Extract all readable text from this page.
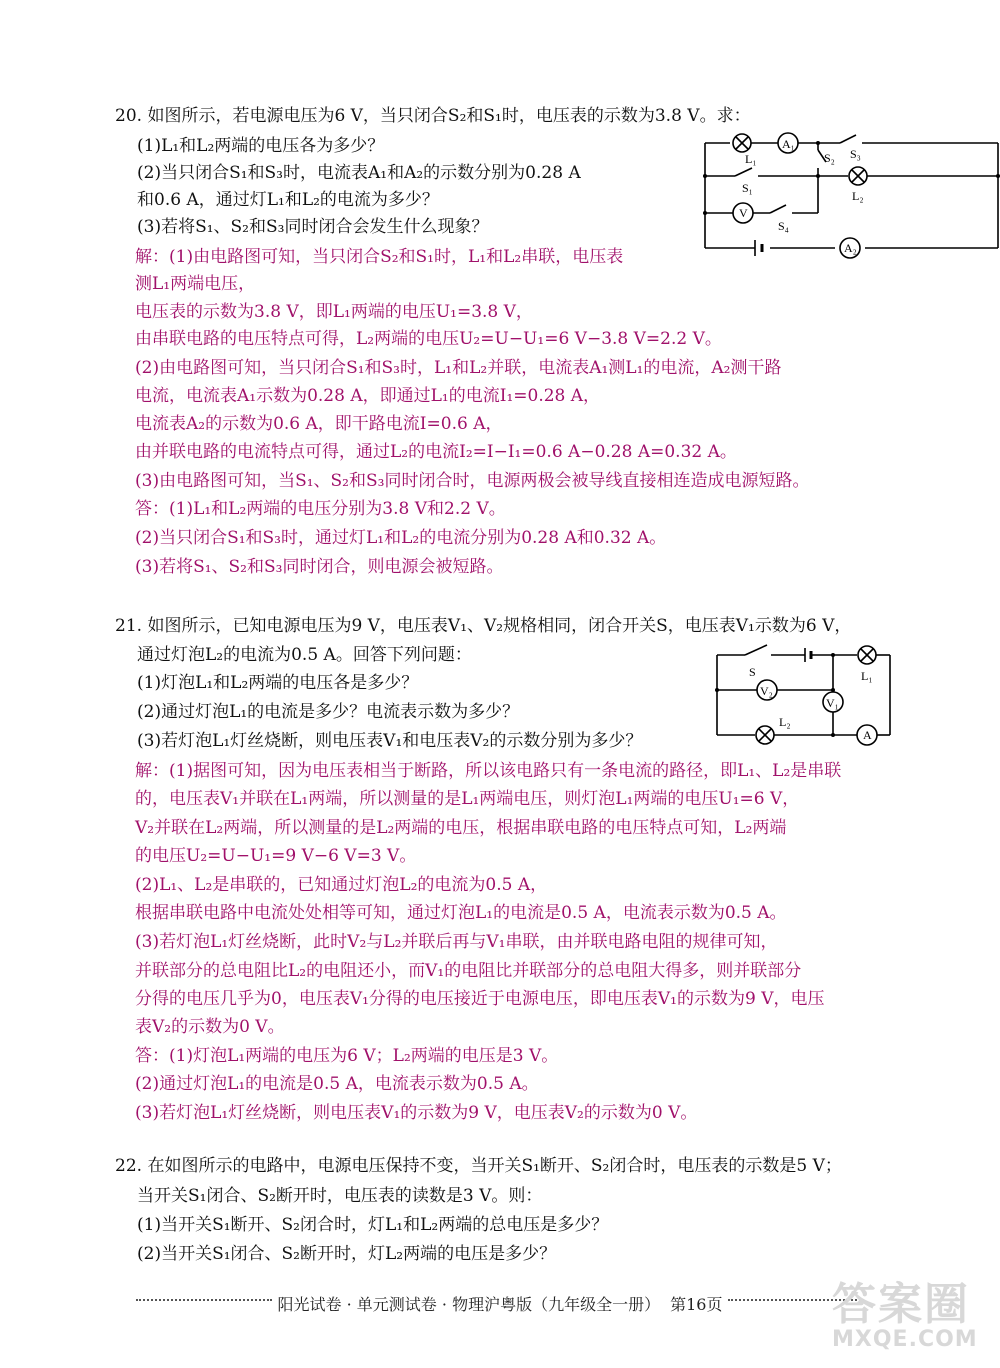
20. 如图所示，若电源电压为6 V，当只闭合S₂和S₁时，电压表的示数为3.8 V。求：
(1)L₁和L₂两端的电压各为多少？
(2)当只闭合S₁和S₃时，电流表A₁和A₂的示数分别为0.28 A
和0.6 A，通过灯L₁和L₂的电流为多少？
(3)若将S₁、S₂和S₃同时闭合会发生什么现象？
解：(1)由电路图可知，当只闭合S₂和S₁时，L₁和L₂串联，电压表
测L₁两端电压，
电压表的示数为3.8 V，即L₁两端的电压U₁=3.8 V，
由串联电路的电压特点可得，L₂两端的电压U₂=U−U₁=6 V−3.8 V=2.2 V。
(2)由电路图可知，当只闭合S₁和S₃时，L₁和L₂并联，电流表A₁测L₁的电流，A₂测干路
电流，电流表A₁示数为0.28 A，即通过L₁的电流I₁=0.28 A，
电流表A₂的示数为0.6 A，即干路电流I=0.6 A，
由并联电路的电流特点可得，通过L₂的电流I₂=I−I₁=0.6 A−0.28 A=0.32 A。
(3)由电路图可知，当S₁、S₂和S₃同时闭合时，电源两极会被导线直接相连造成电源短路。
答：(1)L₁和L₂两端的电压分别为3.8 V和2.2 V。
(2)当只闭合S₁和S₃时，通过灯L₁和L₂的电流分别为0.28 A和0.32 A。
(3)若将S₁、S₂和S₃同时闭合，则电源会被短路。
L₁
A₁
S₂ S₃
S₁
L₂
V
S₄
A₂
21. 如图所示，已知电源电压为9 V，电压表V₁、V₂规格相同，闭合开关S，电压表V₁示数为6 V，
通过灯泡L₂的电流为0.5 A。回答下列问题：
(1)灯泡L₁和L₂两端的电压各是多少？
(2)通过灯泡L₁的电流是多少？电流表示数为多少？
(3)若灯泡L₁灯丝烧断，则电压表V₁和电压表V₂的示数分别为多少？
解：(1)据图可知，因为电压表相当于断路，所以该电路只有一条电流的路径，即L₁、L₂是串联
的，电压表V₁并联在L₁两端，所以测量的是L₁两端电压，则灯泡L₁两端的电压U₁=6 V，
V₂并联在L₂两端，所以测量的是L₂两端的电压，根据串联电路的电压特点可知，L₂两端
的电压U₂=U−U₁=9 V−6 V=3 V。
(2)L₁、L₂是串联的，已知通过灯泡L₂的电流为0.5 A，
根据串联电路中电流处处相等可知，通过灯泡L₁的电流是0.5 A，电流表示数为0.5 A。
(3)若灯泡L₁灯丝烧断，此时V₂与L₂并联后再与V₁串联，由并联电路电阻的规律可知，
并联部分的总电阻比L₂的电阻还小，而V₁的电阻比并联部分的总电阻大得多，则并联部分
分得的电压几乎为0，电压表V₁分得的电压接近于电源电压，即电压表V₁的示数为9 V，电压
表V₂的示数为0 V。
答：(1)灯泡L₁两端的电压为6 V；L₂两端的电压是3 V。
(2)通过灯泡L₁的电流是0.5 A，电流表示数为0.5 A。
(3)若灯泡L₁灯丝烧断，则电压表V₁的示数为9 V，电压表V₂的示数为0 V。
S	L₁
V₂
V₁
L₂
A
22. 在如图所示的电路中，电源电压保持不变，当开关S₁断开、S₂闭合时，电压表的示数是5 V；
当开关S₁闭合、S₂断开时，电压表的读数是3 V。则：
(1)当开关S₁断开、S₂闭合时，灯L₁和L₂两端的总电压是多少？
(2)当开关S₁闭合、S₂断开时，灯L₂两端的电压是多少？
阳光试卷 · 单元测试卷 · 物理沪粤版（九年级全一册） 第16页 答案圈
MXQE.COM
